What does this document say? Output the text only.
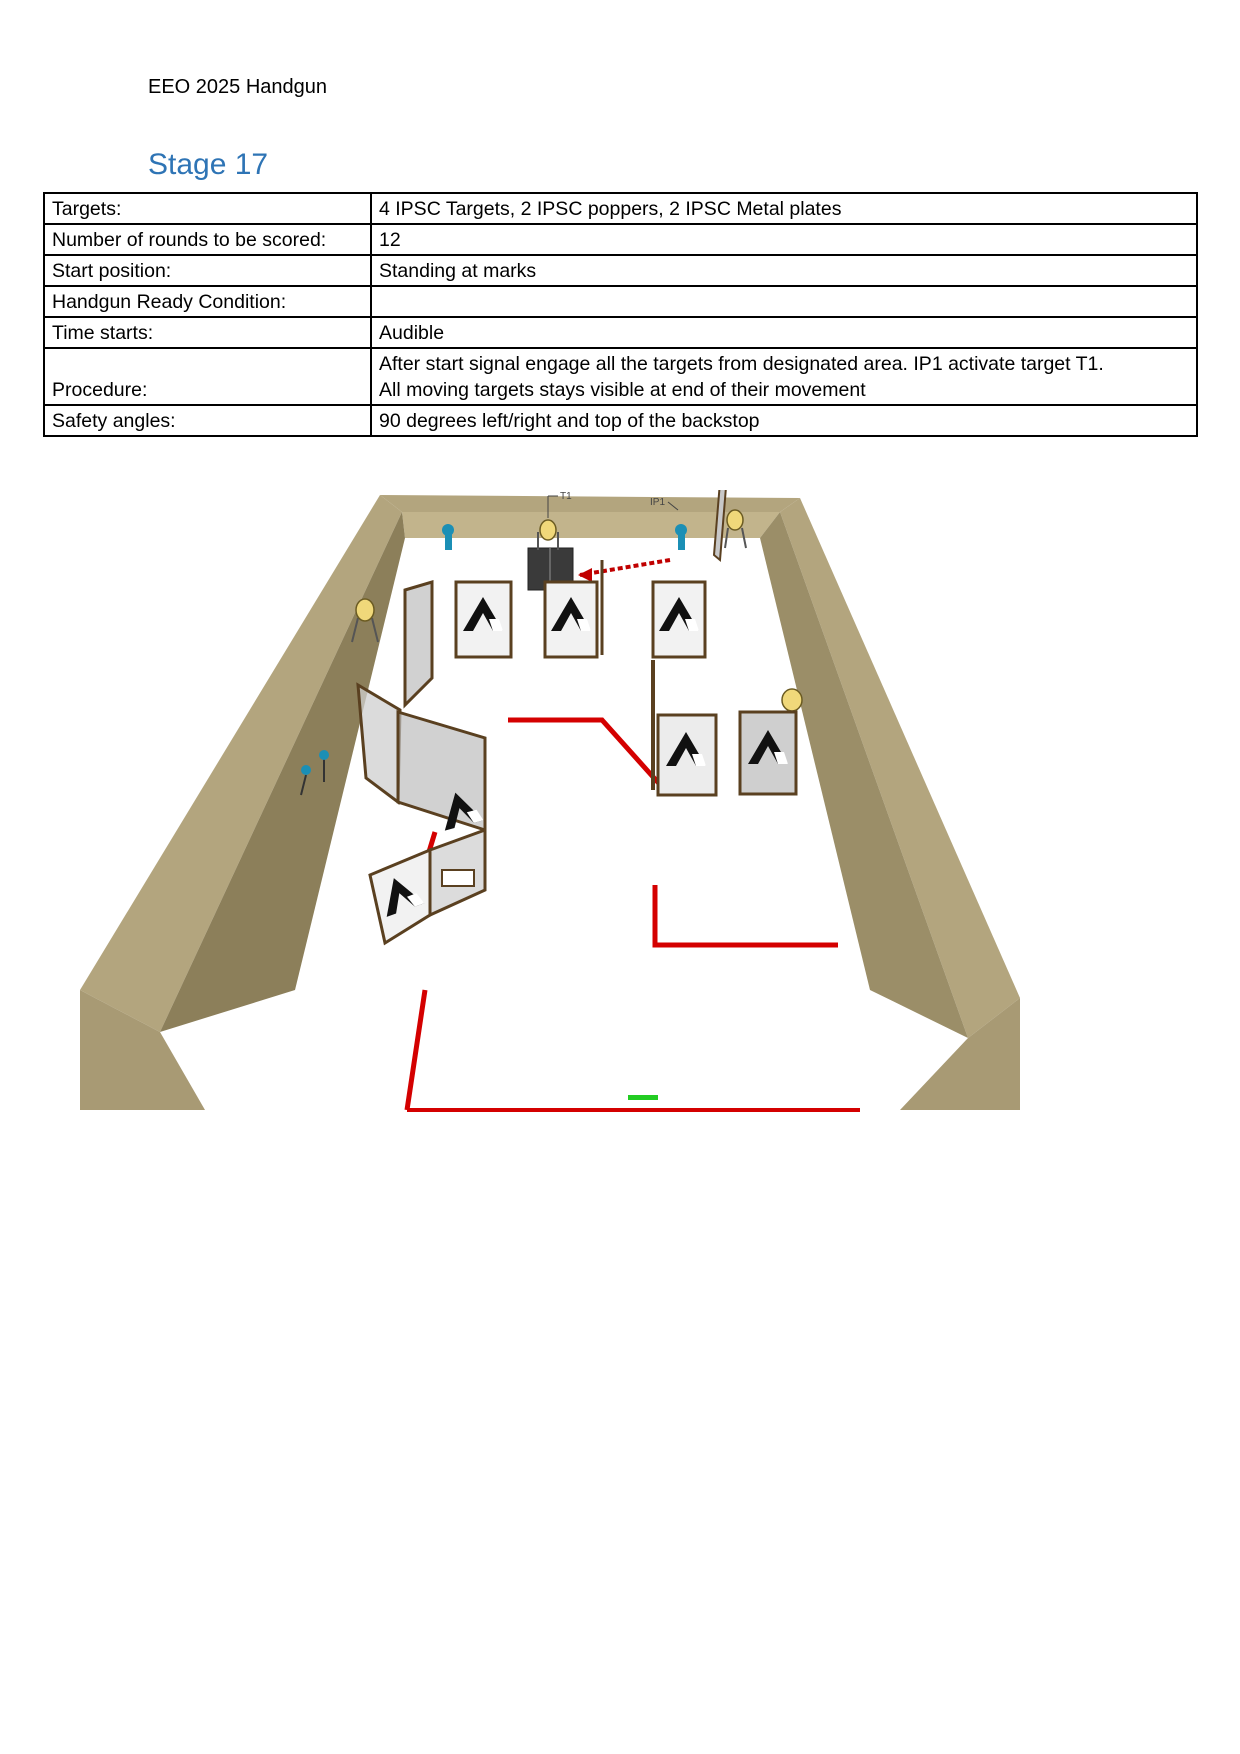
EEO 2025 Handgun
Stage 17
Targets:	4 IPSC Targets, 2 IPSC poppers, 2 IPSC Metal plates
Number of rounds to be scored:	12
Start position:	Standing at marks
Handgun Ready Condition:	
Time starts:	Audible
Procedure:	After start signal engage all the targets from designated area. IP1 activate target T1.
All moving targets stays visible at end of their movement

Safety angles:	90 degrees left/right and top of the backstop
T1
IP1
